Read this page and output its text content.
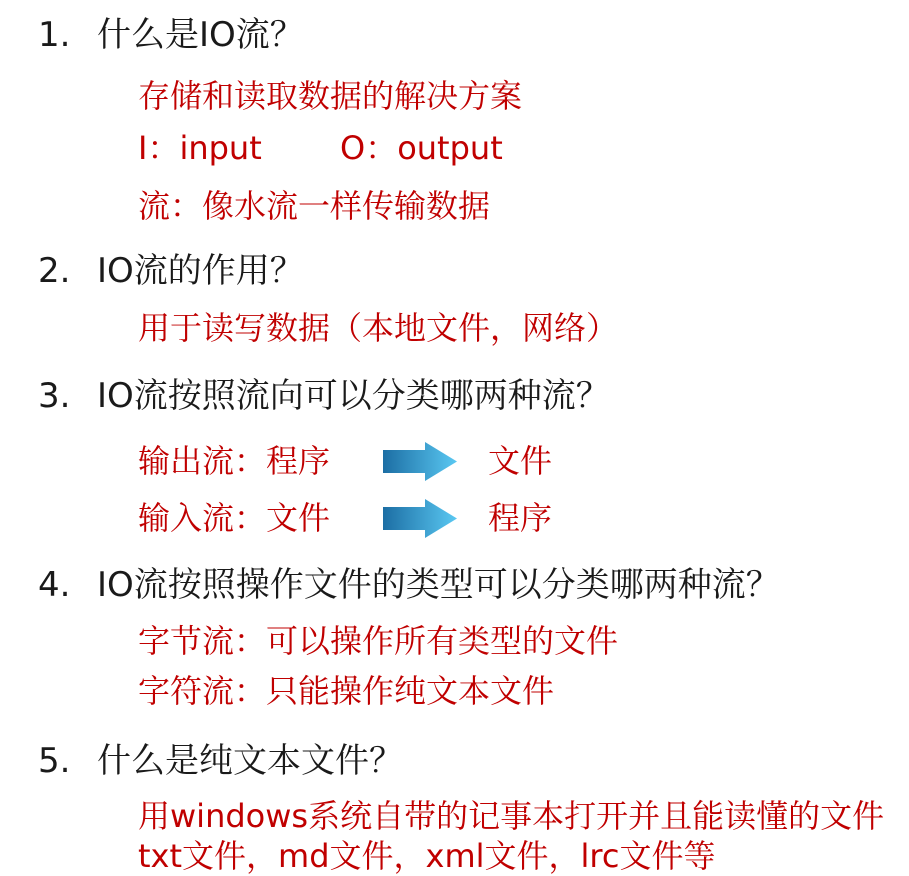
1. 什么是IO流？
存储和读取数据的解决方案
I：input O：output
流：像水流一样传输数据
2. IO流的作用？
用于读写数据（本地文件，网络）
3. IO流按照流向可以分类哪两种流？
输出流：程序	文件
输入流：文件	程序
4. IO流按照操作文件的类型可以分类哪两种流？
字节流：可以操作所有类型的文件
字符流：只能操作纯文本文件
5. 什么是纯文本文件？
用windows系统自带的记事本打开并且能读懂的文件
txt文件，md文件，xml文件，lrc文件等
